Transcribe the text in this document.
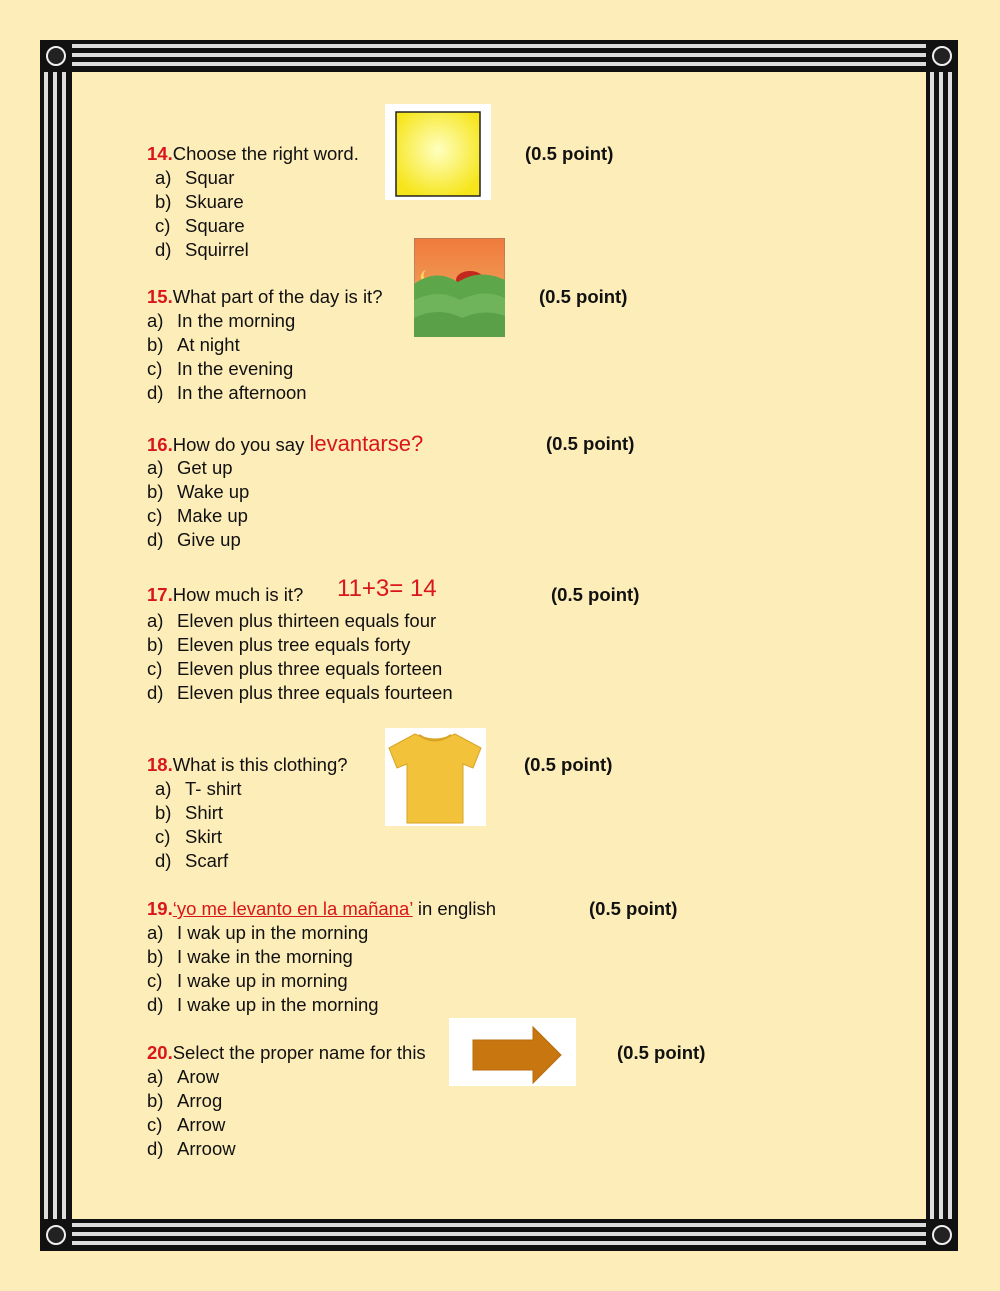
14.Choose the right word.	(0.5 point)
a) Squar
b) Skuare
c) Square
d) Squirrel
15.What part of the day is it?	(0.5 point)
a) In the morning
b) At night
c) In the evening
d) In the afternoon
16.How do you say levantarse?	(0.5 point)
a) Get up
b) Wake up
c) Make up
d) Give up
17.How much is it? 11+3= 14	(0.5 point)
a) Eleven plus thirteen equals four
b) Eleven plus tree equals forty
c) Eleven plus three equals forteen
d) Eleven plus three equals fourteen
18.What is this clothing?	(0.5 point)
a) T- shirt
b) Shirt
c) Skirt
d) Scarf
19.‘yo me levanto en la mañana’ in english	(0.5 point)
a) I wak up in the morning
b) I wake in the morning
c) I wake up in morning
d) I wake up in the morning
20.Select the proper name for this	(0.5 point)
a) Arow
b) Arrog
c) Arrow
d) Arroow
